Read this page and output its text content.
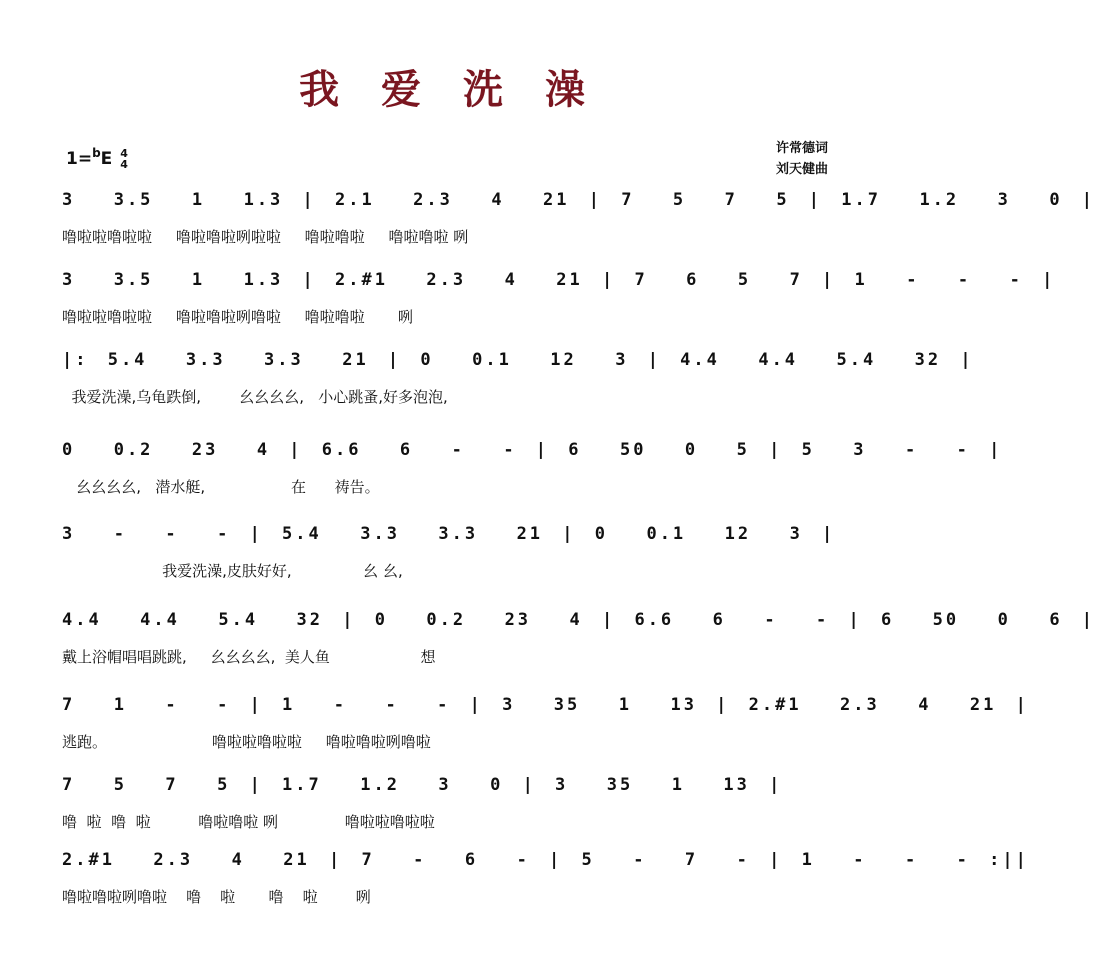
我 爱 洗 澡
1=$^b$E 4
4
许常德词
刘天健曲
3  3.5  1  1.3 | 2.1  2.3  4  21 | 7  5  7  5 | 1.7  1.2  3  0 |
噜啦啦噜啦啦     噜啦噜啦咧啦啦     噜啦噜啦     噜啦噜啦 咧
3  3.5  1  1.3 | 2.#1  2.3  4  21 | 7  6  5  7 | 1  -  -  - |
噜啦啦噜啦啦     噜啦噜啦咧噜啦     噜啦噜啦       咧
|: 5.4  3.3  3.3  21 | 0  0.1  12  3 | 4.4  4.4  5.4  32 |
我爱洗澡,乌龟跌倒,        幺幺幺幺,   小心跳蚤,好多泡泡,
0  0.2  23  4 | 6.6  6  -  - | 6  50  0  5 | 5  3  -  - |
幺幺幺幺,   潜水艇,                  在      祷告。
3  -  -  - | 5.4  3.3  3.3  21 | 0  0.1  12  3 |
我爱洗澡,皮肤好好,               幺 幺,
4.4  4.4  5.4  32 | 0  0.2  23  4 | 6.6  6  -  - | 6  50  0  6 |
戴上浴帽唱唱跳跳,     幺幺幺幺,  美人鱼                   想
7  1  -  - | 1  -  -  - | 3  35  1  13 | 2.#1  2.3  4  21 |
逃跑。                      噜啦啦噜啦啦     噜啦噜啦咧噜啦
7  5  7  5 | 1.7  1.2  3  0 | 3  35  1  13 |
噜  啦  噜  啦          噜啦噜啦 咧              噜啦啦噜啦啦
2.#1  2.3  4  21 | 7  -  6  - | 5  -  7  - | 1  -  -  - :||
噜啦噜啦咧噜啦    噜    啦       噜    啦        咧
